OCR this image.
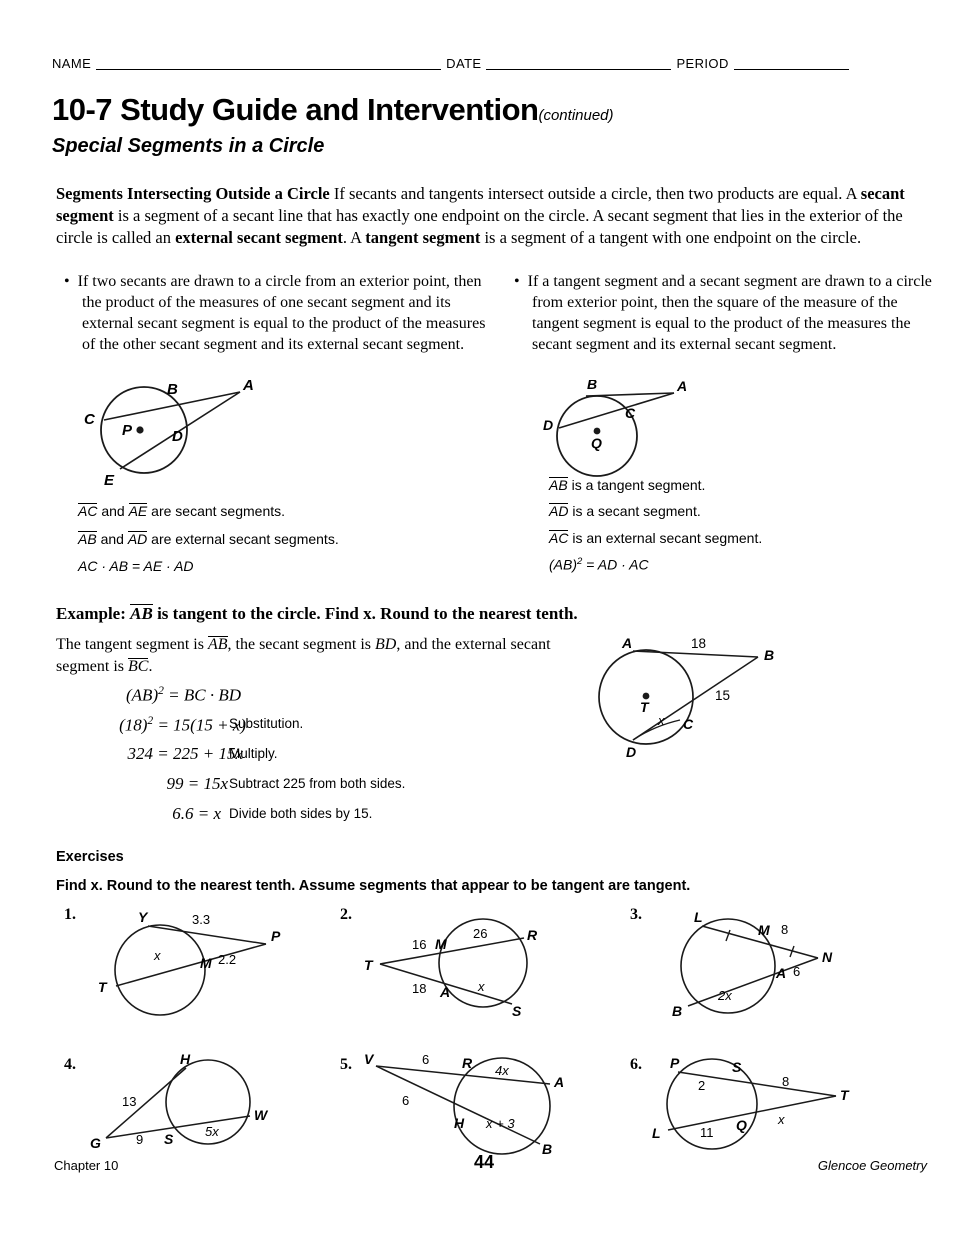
NAME	DATE	PERIOD
10-7 Study Guide and Intervention(continued)
Special Segments in a Circle
Segments Intersecting Outside a Circle If secants and tangents intersect outside a circle, then two products are equal. A secant segment is a segment of a secant line that has exactly one endpoint on the circle. A secant segment that lies in the exterior of the circle is called an external secant segment. A tangent segment is a segment of a tangent with one endpoint on the circle.
•  If two secants are drawn to a circle from an exterior point, then the product of the measures of one secant segment and its external secant segment is equal to the product of the measures of the other secant segment and its external secant segment.
•  If a tangent segment and a secant segment are drawn to a circle from exterior point, then the square of the measure of the tangent segment is equal to the product of the measures the secant segment and its external secant segment.
A
B
C
D
E
P
AC and AE are secant segments.
AB and AD are external secant segments.
AC · AB = AE · AD
A
B
C
D
Q
AB is a tangent segment.
AD is a secant segment.
AC is an external secant segment.
(AB)$^2$ = AD · AC
Example: AB is tangent to the circle. Find x. Round to the nearest tenth.
The tangent segment is AB, the secant segment is BD, and the external secant segment is BC.
(AB)$^2$ = BC · BD
$(18)^2 = 15(15 + x)$
Substitution.
324 = 225 + 15x
Multiply.
99 = 15x Subtract 225 from both sides.
6.6 = x Divide both sides by 15.
A
B
C
D
T
18
15
x
Exercises
Find x. Round to the nearest tenth. Assume segments that appear to be tangent are tangent.
1.	Y
P
T
M
3.3
x	2.2
2.
T
M
R
A
S
16
26
18	x
3.	L
M
N
A
B
8
6
2x
4.	H
G	S
W
13
9
5x
5. V	R
A
H
B
6
4x
6
x + 3
6. P	S
T
L	Q
2	8
11
x
Chapter 10	44	Glencoe Geometry
